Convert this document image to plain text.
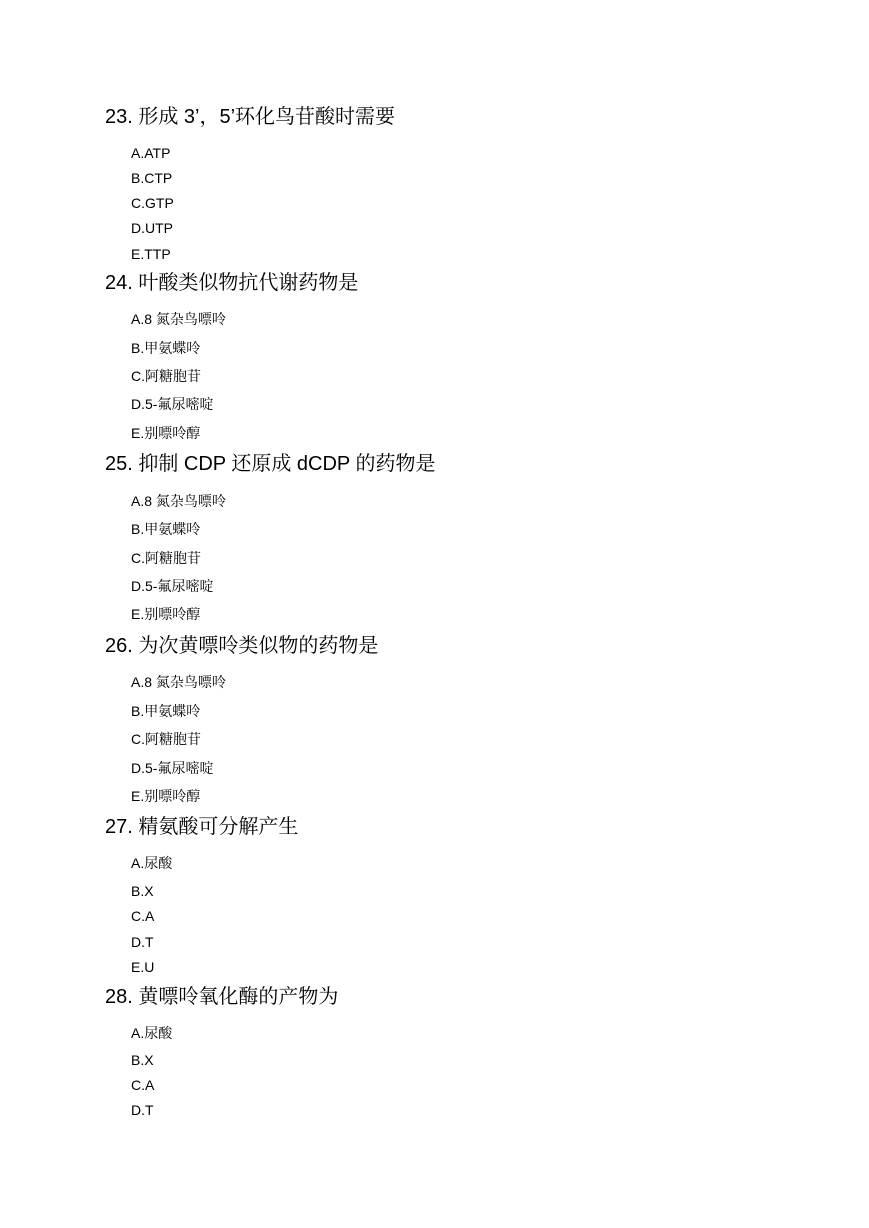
23. 形成 3’，5’环化鸟苷酸时需要
A.ATP
B.CTP
C.GTP
D.UTP
E.TTP
24. 叶酸类似物抗代谢药物是
A.8 氮杂鸟嘌呤
B.甲氨蝶呤
C.阿糖胞苷
D.5-氟尿嘧啶
E.别嘌呤醇
25. 抑制 CDP 还原成 dCDP 的药物是
A.8 氮杂鸟嘌呤
B.甲氨蝶呤
C.阿糖胞苷
D.5-氟尿嘧啶
E.别嘌呤醇
26. 为次黄嘌呤类似物的药物是
A.8 氮杂鸟嘌呤
B.甲氨蝶呤
C.阿糖胞苷
D.5-氟尿嘧啶
E.别嘌呤醇
27. 精氨酸可分解产生
A.尿酸
B.X
C.A
D.T
E.U
28. 黄嘌呤氧化酶的产物为
A.尿酸
B.X
C.A
D.T
